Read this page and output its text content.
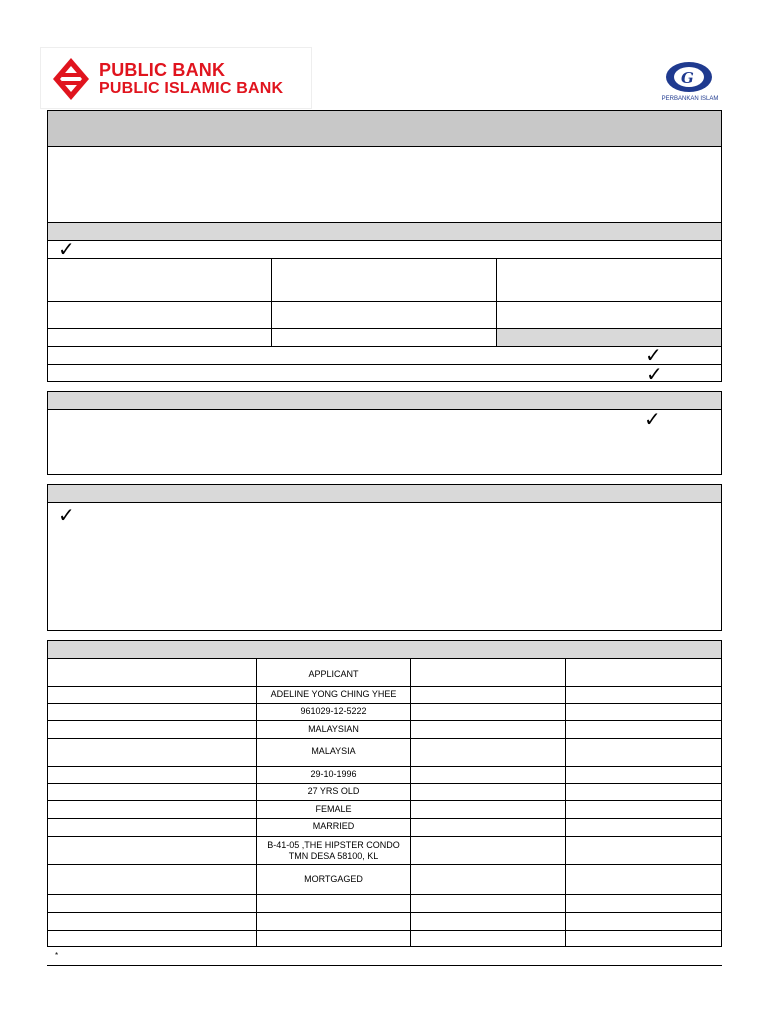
PUBLIC BANK
PUBLIC ISLAMIC BANK
G
PERBANKAN ISLAM
✓
✓
✓
✓
✓
APPLICANT
ADELINE YONG CHING YHEE
961029-12-5222
MALAYSIAN
MALAYSIA
29-10-1996
27 YRS OLD
FEMALE
MARRIED
B-41-05 ,THE HIPSTER CONDO
TMN DESA 58100, KL
MORTGAGED
*
